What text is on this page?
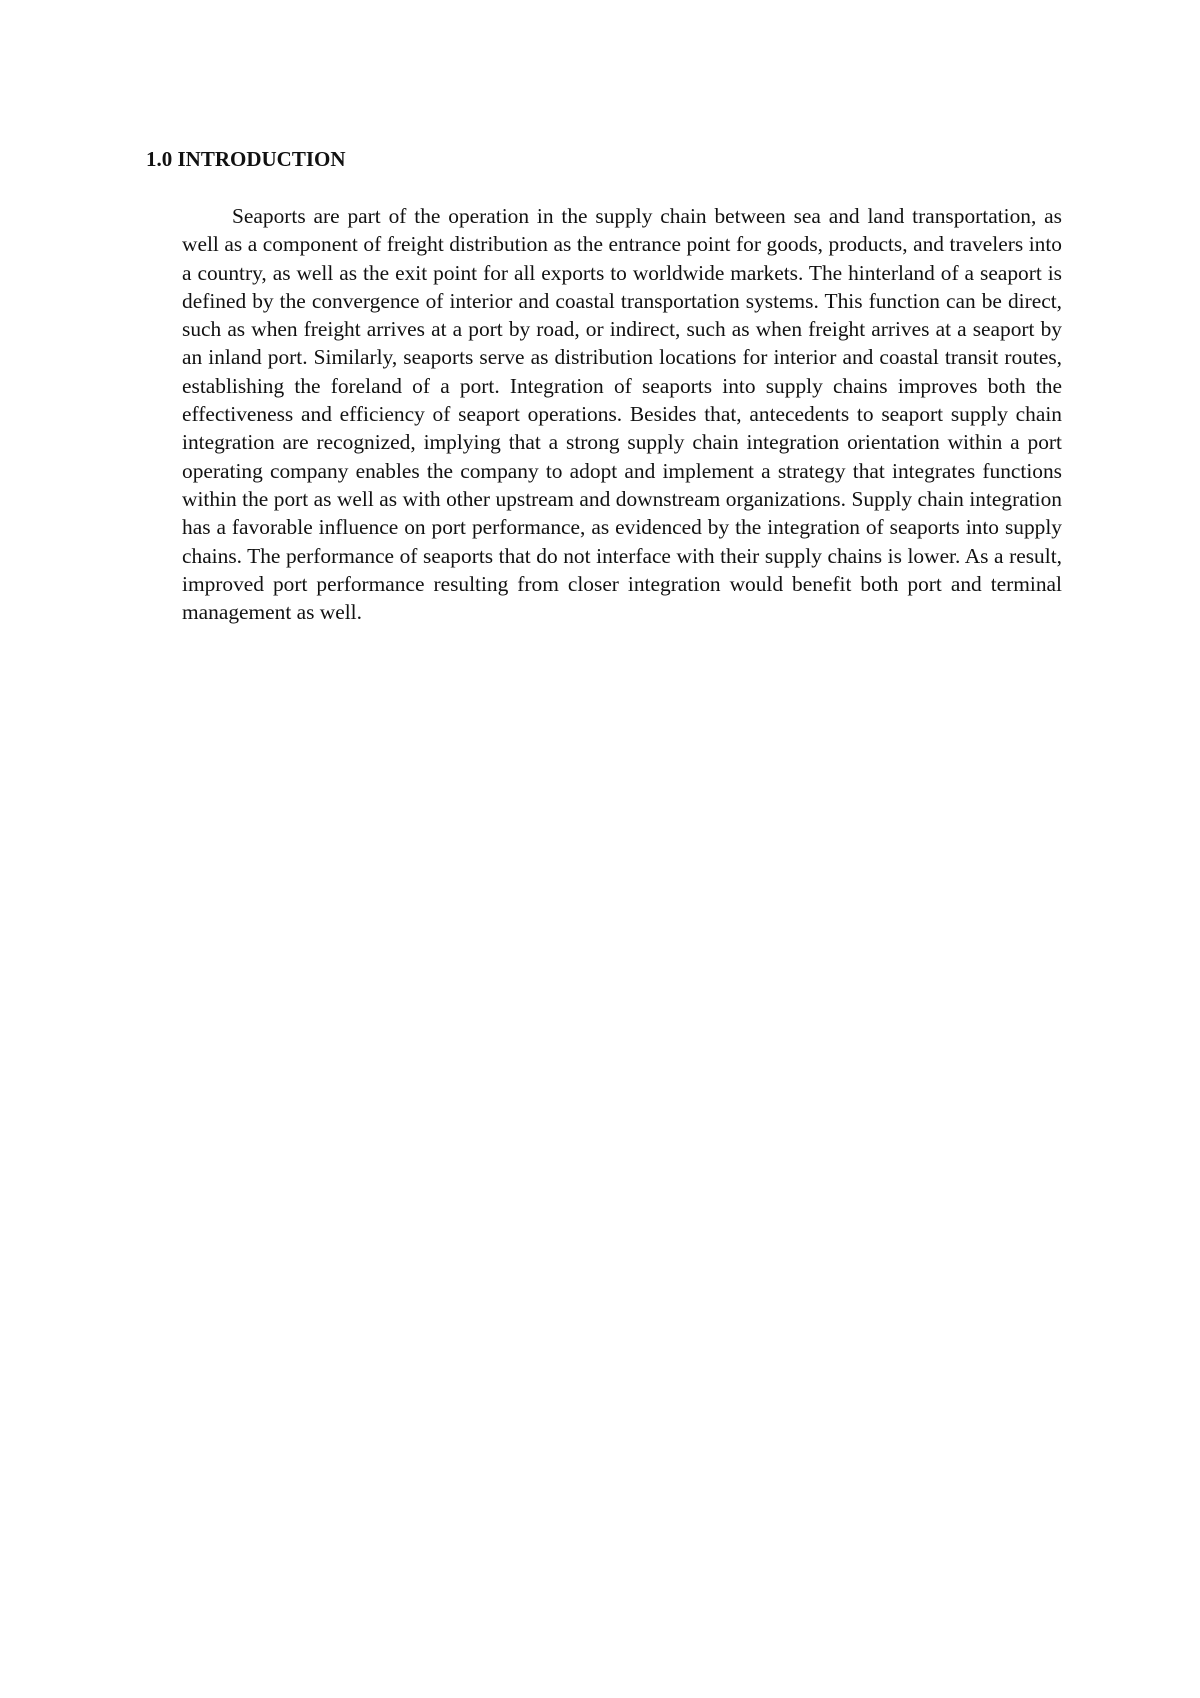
1.0 INTRODUCTION

Seaports are part of the operation in the supply chain between sea and land transportation, as well as a component of freight distribution as the entrance point for goods, products, and travelers into a country, as well as the exit point for all exports to worldwide markets. The hinterland of a seaport is defined by the convergence of interior and coastal transportation systems. This function can be direct, such as when freight arrives at a port by road, or indirect, such as when freight arrives at a seaport by an inland port. Similarly, seaports serve as distribution locations for interior and coastal transit routes, establishing the foreland of a port. Integration of seaports into supply chains improves both the effectiveness and efficiency of seaport operations. Besides that, antecedents to seaport supply chain integration are recognized, implying that a strong supply chain integration orientation within a port operating company enables the company to adopt and implement a strategy that integrates functions within the port as well as with other upstream and downstream organizations. Supply chain integration has a favorable influence on port performance, as evidenced by the integration of seaports into supply chains. The performance of seaports that do not interface with their supply chains is lower. As a result, improved port performance resulting from closer integration would benefit both port and terminal management as well.
